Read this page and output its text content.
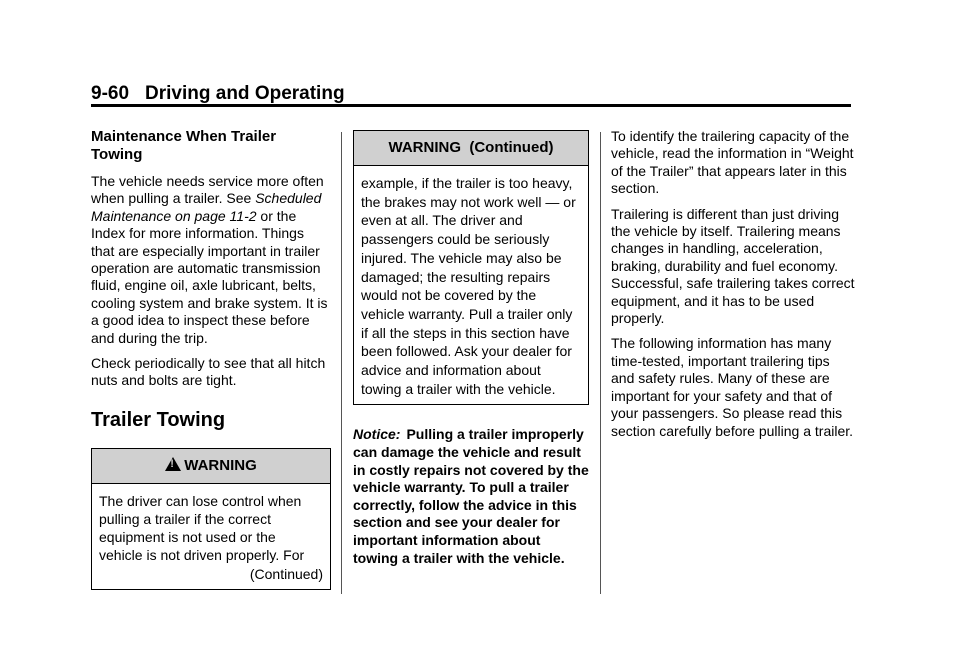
9-60 Driving and Operating
Maintenance When Trailer Towing

The vehicle needs service more often when pulling a trailer. See Scheduled Maintenance on page 11-2 or the Index for more information. Things that are especially important in trailer operation are automatic transmission fluid, engine oil, axle lubricant, belts, cooling system and brake system. It is a good idea to inspect these before and during the trip.

Check periodically to see that all hitch nuts and bolts are tight.

Trailer Towing
!WARNING
The driver can lose control when pulling a trailer if the correct equipment is not used or the vehicle is not driven properly. For
(Continued)
WARNING  (Continued)
example, if the trailer is too heavy, the brakes may not work well — or even at all. The driver and passengers could be seriously injured. The vehicle may also be damaged; the resulting repairs would not be covered by the vehicle warranty. Pull a trailer only if all the steps in this section have been followed. Ask your dealer for advice and information about towing a trailer with the vehicle.
Notice: Pulling a trailer improperly can damage the vehicle and result in costly repairs not covered by the vehicle warranty. To pull a trailer correctly, follow the advice in this section and see your dealer for important information about towing a trailer with the vehicle.

To identify the trailering capacity of the vehicle, read the information in “Weight of the Trailer” that appears later in this section.

Trailering is different than just driving the vehicle by itself. Trailering means changes in handling, acceleration, braking, durability and fuel economy. Successful, safe trailering takes correct equipment, and it has to be used properly.

The following information has many time-tested, important trailering tips and safety rules. Many of these are important for your safety and that of your passengers. So please read this section carefully before pulling a trailer.
